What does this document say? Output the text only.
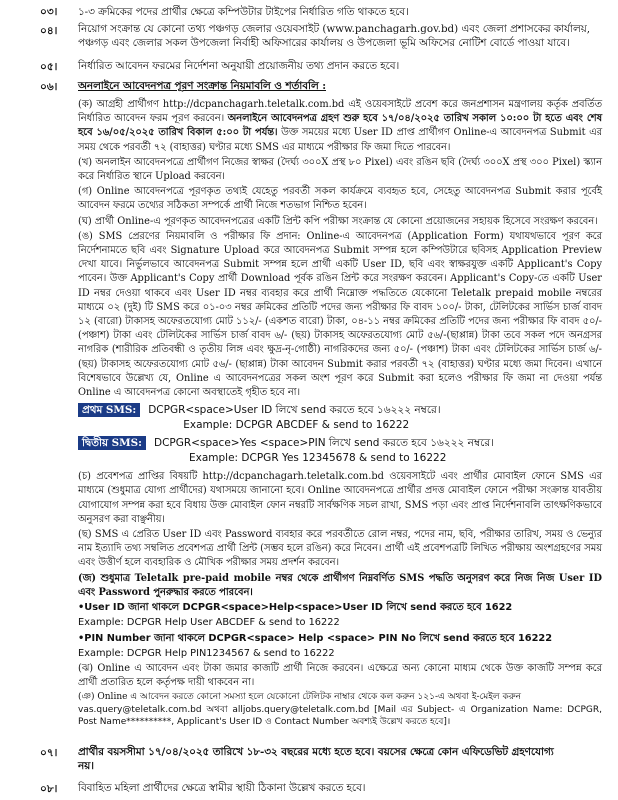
০৩। ১-৩ ক্রমিকের পদের প্রার্থীর ক্ষেত্রে কম্পিউটার টাইপের নির্ধারিত গতি থাকতে হবে।
০৪। নিয়োগ সংক্রান্ত যে কোনো তথ্য পঞ্চগড় জেলার ওয়েবসাইট (www.panchagarh.gov.bd) এবং জেলা প্রশাসকের কার্যালয়,

পঞ্চগড় এবং জেলার সকল উপজেলা নির্বাহী অফিসারের কার্যালয় ও উপজেলা ভূমি অফিসের নোটিশ বোর্ডে পাওয়া যাবে।

০৫। নির্ধারিত আবেদন ফরমের নির্দেশনা অনুযায়ী প্রয়োজনীয় তথ্য প্রদান করতে হবে।
০৬। অনলাইনে আবেদনপত্র পূরণ সংক্রান্ত নিয়মাবলি ও শর্তাবলি :

(ক) আগ্রহী প্রার্থীগণ http://dcpanchagarh.teletalk.com.bd এই ওয়েবসাইটে প্রবেশ করে জনপ্রশাসন মন্ত্রণালয় কর্তৃক প্রবর্তিত নির্ধারিত আবেদন ফরম পূরণ করবেন। অনলাইনে আবেদনপত্র গ্রহণ শুরু হবে ১৭/০৪/২০২৫ তারিখ সকাল ১০:০০ টা হতে এবং শেষ হবে ১৬/০৫/২০২৫ তারিখ বিকাল ৫:০০ টা পর্যন্ত। উক্ত সময়ের মধ্যে User ID প্রাপ্ত প্রার্থীগণ Online-এ আবেদনপত্র Submit এর সময় থেকে পরবর্তী ৭২ (বাহাত্তর) ঘণ্টার মধ্যে SMS এর মাধ্যমে পরীক্ষার ফি জমা দিতে পারবেন।

(খ) অনলাইন আবেদনপত্রে প্রার্থীগণ নিজের স্বাক্ষর (দৈর্ঘ্য ৩০০X প্রস্থ ৮০ Pixel) এবং রঙিন ছবি (দৈর্ঘ্য ৩০০X প্রস্থ ৩০০ Pixel) স্ক্যান করে নির্ধারিত স্থানে Upload করবেন।

(গ) Online আবেদনপত্রে পূরণকৃত তথ্যই যেহেতু পরবর্তী সকল কার্যক্রমে ব্যবহৃত হবে, সেহেতু আবেদনপত্র Submit করার পূর্বেই আবেদন ফরমে তথ্যের সঠিকতা সম্পর্কে প্রার্থী নিজে শতভাগ নিশ্চিত হবেন।

(ঘ) প্রার্থী Online-এ পূরণকৃত আবেদনপত্রের একটি প্রিন্ট কপি পরীক্ষা সংক্রান্ত যে কোনো প্রয়োজনের সহায়ক হিসেবে সংরক্ষণ করবেন।

(ঙ) SMS প্রেরণের নিয়মাবলি ও পরীক্ষার ফি প্রদান: Online-এ আবেদনপত্র (Application Form) যথাযথভাবে পূরণ করে নির্দেশনামতে ছবি এবং Signature Upload করে আবেদনপত্র Submit সম্পন্ন হলে কম্পিউটারে ছবিসহ Application Preview দেখা যাবে। নির্ভুলভাবে আবেদনপত্র Submit সম্পন্ন হলে প্রার্থী একটি User ID, ছবি এবং স্বাক্ষরযুক্ত একটি Applicant's Copy পাবেন। উক্ত Applicant's Copy প্রার্থী Download পূর্বক রঙিন প্রিন্ট করে সংরক্ষণ করবেন। Applicant's Copy-তে একটি User ID নম্বর দেওয়া থাকবে এবং User ID নম্বর ব্যবহার করে প্রার্থী নিম্নোক্ত পদ্ধতিতে যেকোনো Teletalk prepaid mobile নম্বরের মাধ্যমে ০২ (দুই) টি SMS করে ০১-০৩ নম্বর ক্রমিকের প্রতিটি পদের জন্য পরীক্ষার ফি বাবদ ১০০/- টাকা, টেলিটকের সার্ভিস চার্জ বাবদ ১২ (বারো) টাকাসহ অফেরতযোগ্য মোট ১১২/- (একশত বারো) টাকা, ০৪-১১ নম্বর ক্রমিকের প্রতিটি পদের জন্য পরীক্ষার ফি বাবদ ৫০/- (পঞ্চাশ) টাকা এবং টেলিটকের সার্ভিস চার্জ বাবদ ৬/- (ছয়) টাকাসহ অফেরতযোগ্য মোট ৫৬/-(ছাপ্পান্ন) টাকা তবে সকল পদে অনগ্রসর নাগরিক (শারীরিক প্রতিবন্ধী ও তৃতীয় লিঙ্গ এবং ক্ষুদ্র-নৃ-গোষ্ঠী) নাগরিকদের জন্য ৫০/- (পঞ্চাশ) টাকা এবং টেলিটকের সার্ভিস চার্জ ৬/- (ছয়) টাকাসহ অফেরতযোগ্য মোট ৫৬/- (ছাপ্পান্ন) টাকা আবেদন Submit করার পরবর্তী ৭২ (বাহাত্তর) ঘণ্টার মধ্যে জমা দিবেন। এখানে বিশেষভাবে উল্লেখ্য যে, Online এ আবেদনপত্রের সকল অংশ পূরণ করে Submit করা হলেও পরীক্ষার ফি জমা না দেওয়া পর্যন্ত Online এ আবেদনপত্র কোনো অবস্থাতেই গৃহীত হবে না।

প্রথম SMS:	DCPGR<space>User ID লিখে send করতে হবে ১৬২২২ নম্বরে।
Example: DCPGR ABCDEF & send to 16222
দ্বিতীয় SMS:	DCPGR<space>Yes <space>PIN লিখে send করতে হবে ১৬২২২ নম্বরে।
Example: DCPGR Yes 12345678 & send to 16222

(চ) প্রবেশপত্র প্রাপ্তির বিষয়টি http://dcpanchagarh.teletalk.com.bd ওয়েবসাইটে এবং প্রার্থীর মোবাইল ফোনে SMS এর মাধ্যমে (শুধুমাত্র যোগ্য প্রার্থীদের) যথাসময়ে জানানো হবে। Online আবেদনপত্রে প্রার্থীর প্রদত্ত মোবাইল ফোনে পরীক্ষা সংক্রান্ত যাবতীয় যোগাযোগ সম্পন্ন করা হবে বিধায় উক্ত মোবাইল ফোন নম্বরটি সার্বক্ষণিক সচল রাখা, SMS পড়া এবং প্রাপ্ত নির্দেশনাবলি তাৎক্ষণিকভাবে অনুসরণ করা বাঞ্ছনীয়।

(ছ) SMS এ প্রেরিত User ID এবং Password ব্যবহার করে পরবর্তীতে রোল নম্বর, পদের নাম, ছবি, পরীক্ষার তারিখ, সময় ও ভেন্যুর নাম ইত্যাদি তথ্য সম্বলিত প্রবেশপত্র প্রার্থী প্রিন্ট (সম্ভব হলে রঙিন) করে নিবেন। প্রার্থী এই প্রবেশপত্রটি লিখিত পরীক্ষায় অংশগ্রহণের সময় এবং উত্তীর্ণ হলে ব্যবহারিক ও মৌখিক পরীক্ষার সময় প্রদর্শন করবেন।

(জ) শুধুমাত্র Teletalk pre-paid mobile নম্বর থেকে প্রার্থীগণ নিম্নবর্ণিত SMS পদ্ধতি অনুসরণ করে নিজ নিজ User ID এবং Password পুনরুদ্ধার করতে পারবেন।

•User ID জানা থাকলে DCPGR<space>Help<space>User ID লিখে send করতে হবে 1622

Example: DCPGR Help User ABCDEF & send to 16222

•PIN Number জানা থাকলে DCPGR<space> Help <space> PIN No লিখে send করতে হবে 16222

Example: DCPGR Help PIN1234567 & send to 16222

(ঝ) Online এ আবেদন এবং টাকা জমার কাজটি প্রার্থী নিজে করবেন। এক্ষেত্রে অন্য কোনো মাধ্যম থেকে উক্ত কাজটি সম্পন্ন করে প্রার্থী প্রতারিত হলে কর্তৃপক্ষ দায়ী থাকবেন না।

(ঞ) Online এ আবেদন করতে কোনো সমস্যা হলে যেকোনো টেলিটক নাম্বার থেকে কল করুন ১২১-এ অথবা ই-মেইল করুন

vas.query@teletalk.com.bd অথবা alljobs.query@teletalk.com.bd [Mail এর Subject- এ Organization Name: DCPGR, Post Name**********, Applicant's User ID ও Contact Number অবশ্যই উল্লেখ করতে হবে]।

০৭। প্রার্থীর বয়সসীমা ১৭/০৪/২০২৫ তারিখে ১৮-৩২ বছরের মধ্যে হতে হবে। বয়সের ক্ষেত্রে কোন এফিডেভিট গ্রহণযোগ্য

নয়।

০৮। বিবাহিত মহিলা প্রার্থীদের ক্ষেত্রে স্বামীর স্থায়ী ঠিকানা উল্লেখ করতে হবে।
